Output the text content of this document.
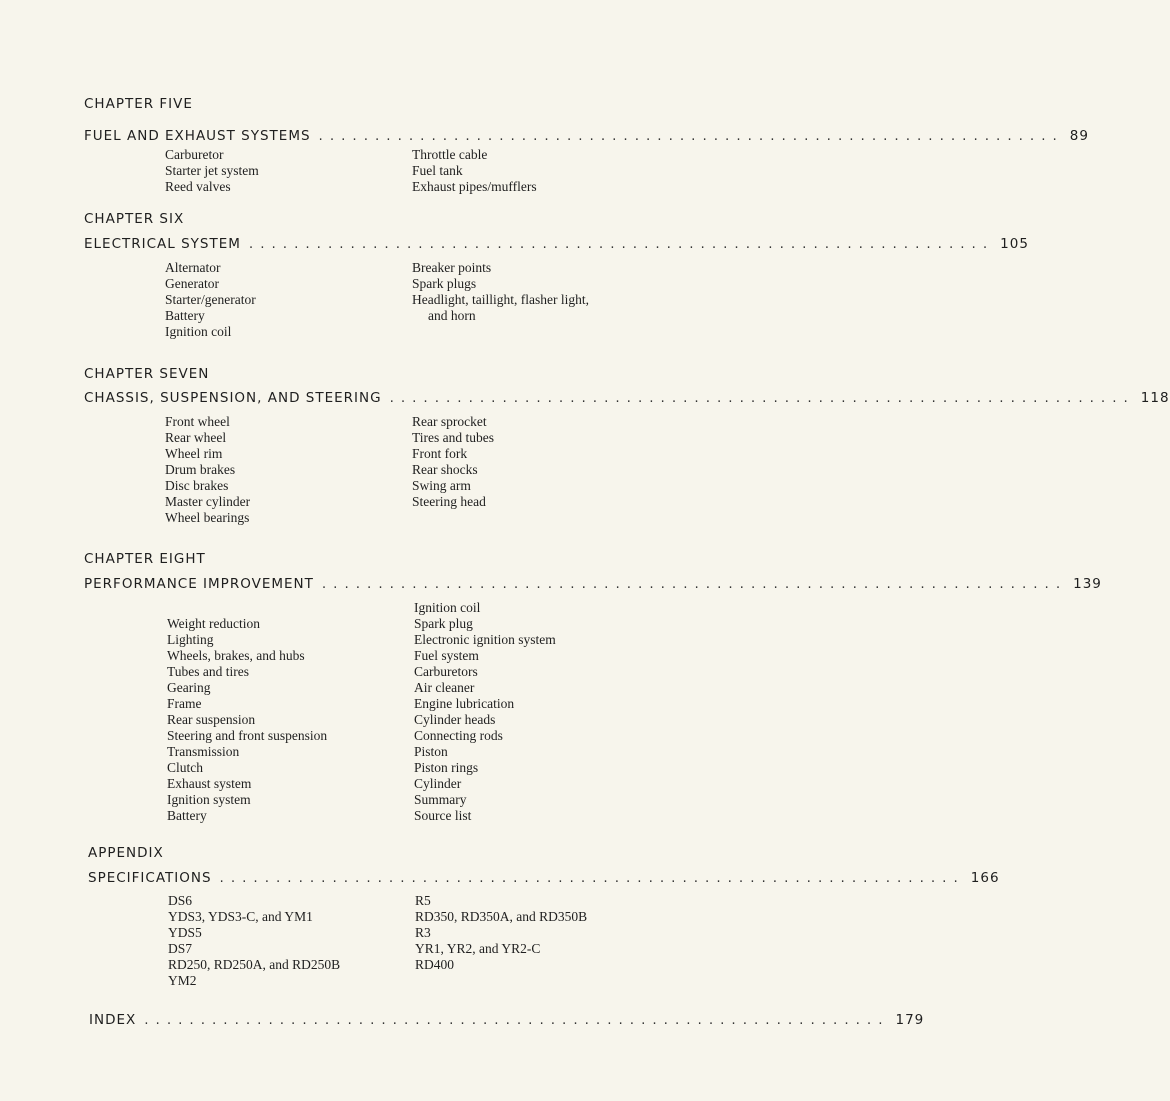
CHAPTER FIVE
FUEL AND EXHAUST SYSTEMS .................................................................. 89
Carburetor
Starter jet system
Reed valves
Throttle cable
Fuel tank
Exhaust pipes/mufflers
CHAPTER SIX
ELECTRICAL SYSTEM .................................................................. 105
Alternator
Generator
Starter/generator
Battery
Ignition coil
Breaker points
Spark plugs
Headlight, taillight, flasher light,
and horn
CHAPTER SEVEN
CHASSIS, SUSPENSION, AND STEERING .................................................................. 118
Front wheel
Rear wheel
Wheel rim
Drum brakes
Disc brakes
Master cylinder
Wheel bearings
Rear sprocket
Tires and tubes
Front fork
Rear shocks
Swing arm
Steering head
CHAPTER EIGHT
PERFORMANCE IMPROVEMENT .................................................................. 139
Weight reduction
Lighting
Wheels, brakes, and hubs
Tubes and tires
Gearing
Frame
Rear suspension
Steering and front suspension
Transmission
Clutch
Exhaust system
Ignition system
Battery
Ignition coil
Spark plug
Electronic ignition system
Fuel system
Carburetors
Air cleaner
Engine lubrication
Cylinder heads
Connecting rods
Piston
Piston rings
Cylinder
Summary
Source list
APPENDIX
SPECIFICATIONS .................................................................. 166
DS6
YDS3, YDS3-C, and YM1
YDS5
DS7
RD250, RD250A, and RD250B
YM2
R5
RD350, RD350A, and RD350B
R3
YR1, YR2, and YR2-C
RD400
INDEX .................................................................. 179
